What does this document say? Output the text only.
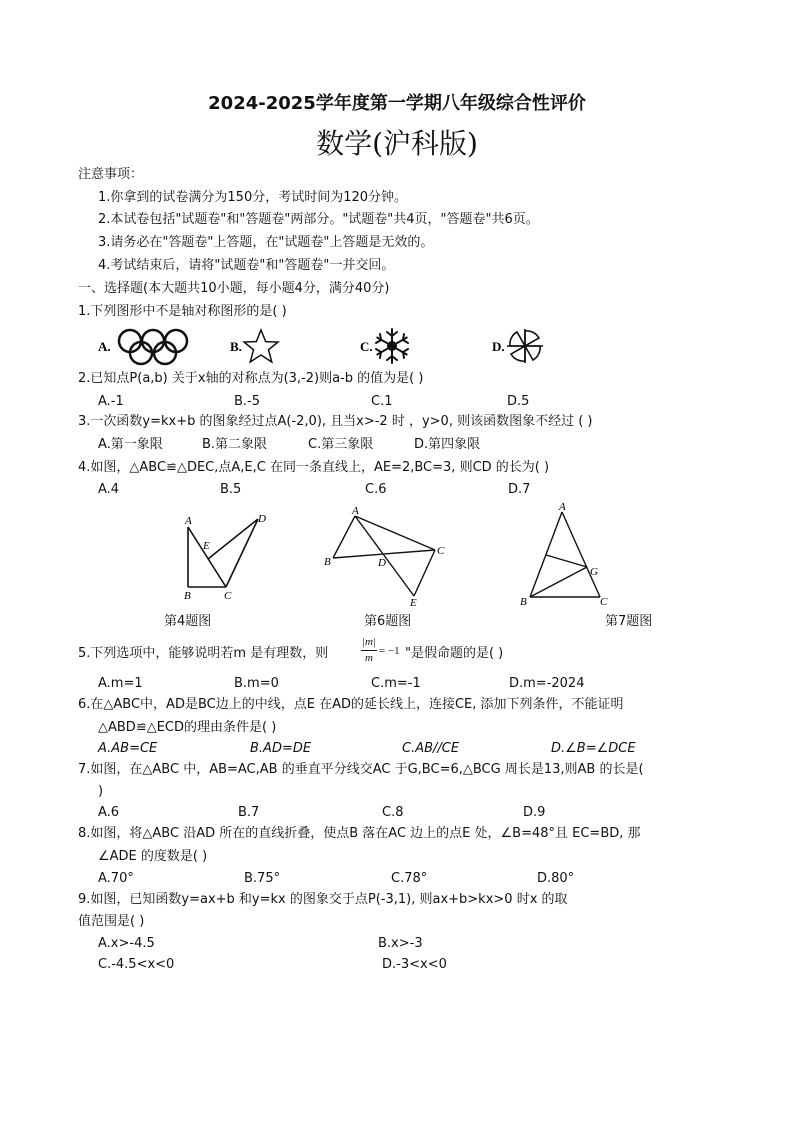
2024-2025学年度第一学期八年级综合性评价
数学(沪科版)
注意事项：
1.你拿到的试卷满分为150分，考试时间为120分钟。
2.本试卷包括"试题卷"和"答题卷"两部分。"试题卷"共4页，"答题卷"共6页。
3.请务必在"答题卷"上答题，在"试题卷"上答题是无效的。
4.考试结束后，请将"试题卷"和"答题卷"一并交回。
一、选择题(本大题共10小题，每小题4分，满分40分)
1.下列图形中不是轴对称图形的是( )
A.	B.	C.	D.
2.已知点P(a,b) 关于x轴的对称点为(3,-2)则a-b 的值为是( )
A.-1	B.-5	C.1	D.5
3.一次函数y=kx+b 的图象经过点A(-2,0), 且当x>-2 时 ，y>0, 则该函数图象不经过 ( )
A.第一象限	B.第二象限	C.第三象限	D.第四象限
4.如图，△ABC≌△DEC,点A,E,C 在同一条直线上，AE=2,BC=3, 则CD 的长为( )
A.4	B.5	C.6	D.7
A
B	C
D
E
A
B
C
D
E
A
B	C
G
第4题图	第6题图	第7题图
5.下列选项中，能够说明若m 是有理数，则
|m|
m
= −1 "是假命题的是( )
A.m=1	B.m=0	C.m=-1	D.m=-2024
6.在△ABC中，AD是BC边上的中线，点E 在AD的延长线上，连接CE, 添加下列条件，不能证明
△ABD≌△ECD的理由条件是( )
A.AB=CE	B.AD=DE	C.AB//CE	D.∠B=∠DCE
7.如图，在△ABC 中，AB=AC,AB 的垂直平分线交AC 于G,BC=6,△BCG 周长是13,则AB 的长是(
)
A.6	B.7	C.8	D.9
8.如图，将△ABC 沿AD 所在的直线折叠，使点B 落在AC 边上的点E 处，∠B=48°且 EC=BD, 那
∠ADE 的度数是( )
A.70°	B.75°	C.78°	D.80°
9.如图，已知函数y=ax+b 和y=kx 的图象交于点P(-3,1), 则ax+b>kx>0 时x 的取
值范围是( )
A.x>-4.5	B.x>-3
C.-4.5<x<0	D.-3<x<0
